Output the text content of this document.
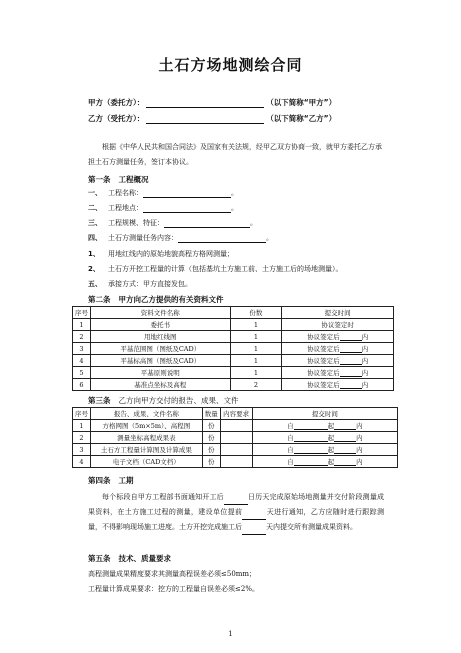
土石方场地测绘合同
甲方（委托方）：	（以下简称“甲方”）
乙方（受托方）：	（以下简称“乙方”）
根据《中华人民共和国合同法》及国家有关法规，经甲乙双方协商一致，就甲方委托乙方承担土石方测量任务，签订本协议。
第一条 工程概况
一、 工程名称：	。
二、 工程地点：	。
三、 工程规模、特征：	。
四、 土石方测量任务内容：	。
1、 用地红线内的原始地貌高程方格网测量；
2、 土石方开挖工程量的计算（包括基坑土方施工前、土方施工后的场地测量）。
五、 承接方式：甲方直接发包。
第二条 甲方向乙方提供的有关资料文件
序号	资料文件名称	份数	提交时间
1	委托书	1	协议签定时
2	用地红线图	1	协议签定后 内
3	平基范围图（图纸及CAD）	1	协议签定后 内
4	平基标高图（图纸及CAD）	1	协议签定后 内
5	平基原则说明	1	协议签定后 内
6	基准点坐标及高程	2	协议签定后 内
第三条 乙方向甲方交付的报告、成果、文件
序号	报告、成果、文件名称	数量	内容要求	提交时间
1	方格网图（5m×5m）、高程图	份		自 起 内
2	测量坐标高程成果表	份		自 起 内
3	土石方工程量计算图及计算成果	份		自 起 内
4	电子文档（CAD文档）	份		自 起 内
第四条 工期
每个标段自甲方工程部书面通知开工后	日历天完成原始场地测量并交付阶段测量成果资料，在土方施工过程的测量，建设单位提前	天进行通知，乙方应随时进行跟踪测量，不得影响现场施工进度。土方开挖完成施工后	天内提交所有测量成果资料。
第五条 技术、质量要求
高程测量成果精度要求其测量高程误差必须≤50mm；
工程量计算成果要求：挖方的工程量自误差必须≤2%。
1
